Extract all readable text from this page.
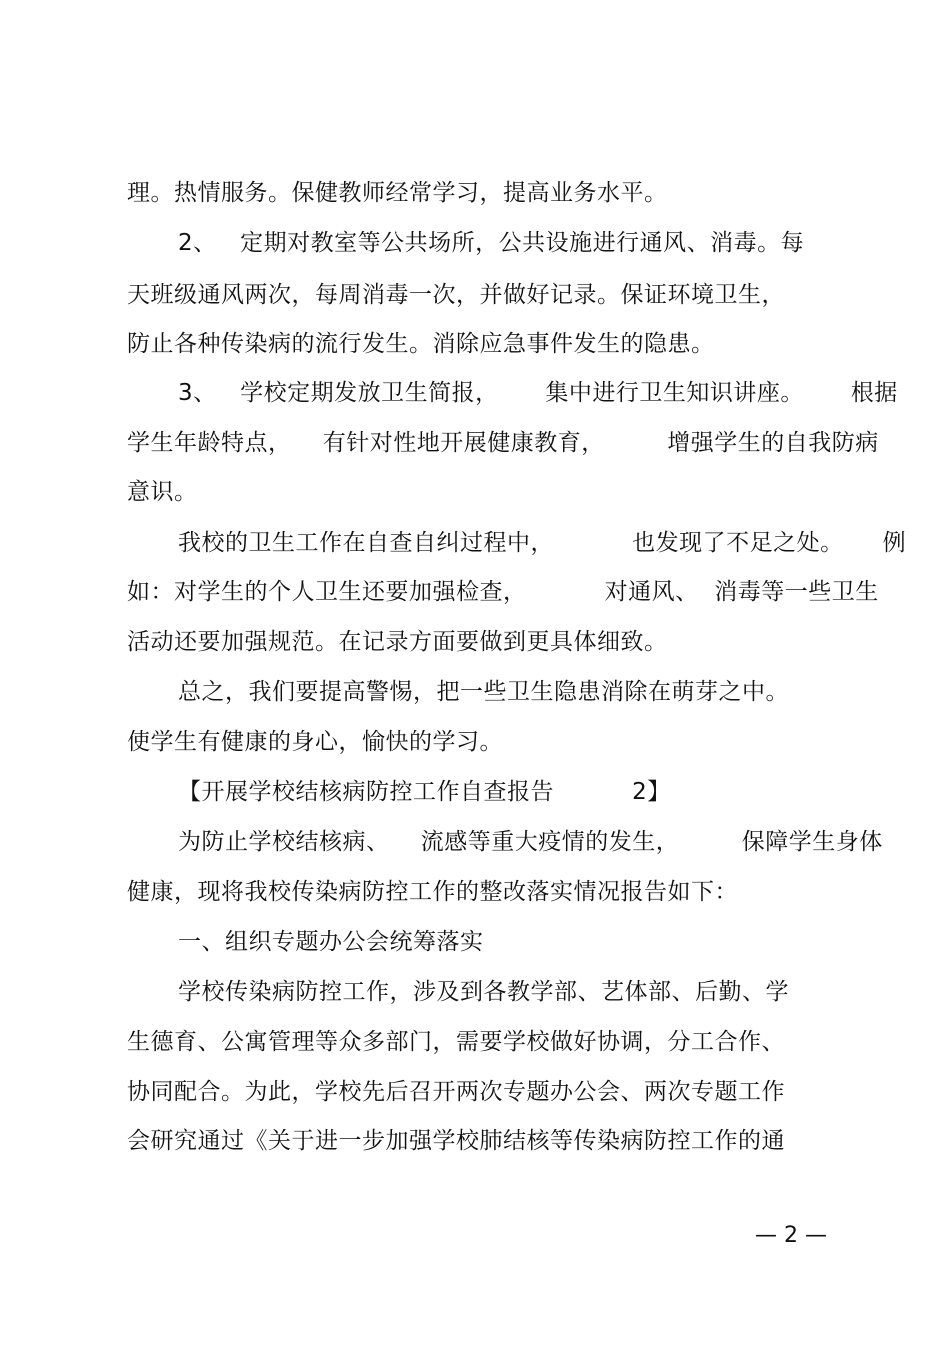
理。热情服务。保健教师经常学习，提高业务水平。
2、   定期对教室等公共场所，公共设施进行通风、消毒。每
天班级通风两次，每周消毒一次，并做好记录。保证环境卫生，
防止各种传染病的流行发生。消除应急事件发生的隐患。
3、   学校定期发放卫生简报，      集中进行卫生知识讲座。      根据
学生年龄特点，    有针对性地开展健康教育，        增强学生的自我防病
意识。
我校的卫生工作在自查自纠过程中，          也发现了不足之处。     例
如：对学生的个人卫生还要加强检查，          对通风、  消毒等一些卫生
活动还要加强规范。在记录方面要做到更具体细致。
总之，我们要提高警惕，把一些卫生隐患消除在萌芽之中。
使学生有健康的身心，愉快的学习。
【开展学校结核病防控工作自查报告          2】
为防止学校结核病、    流感等重大疫情的发生，        保障学生身体
健康，现将我校传染病防控工作的整改落实情况报告如下：
一、组织专题办公会统筹落实
学校传染病防控工作，涉及到各教学部、艺体部、后勤、学
生德育、公寓管理等众多部门，需要学校做好协调，分工合作、
协同配合。为此，学校先后召开两次专题办公会、两次专题工作
会研究通过《关于进一步加强学校肺结核等传染病防控工作的通
— 2 —
